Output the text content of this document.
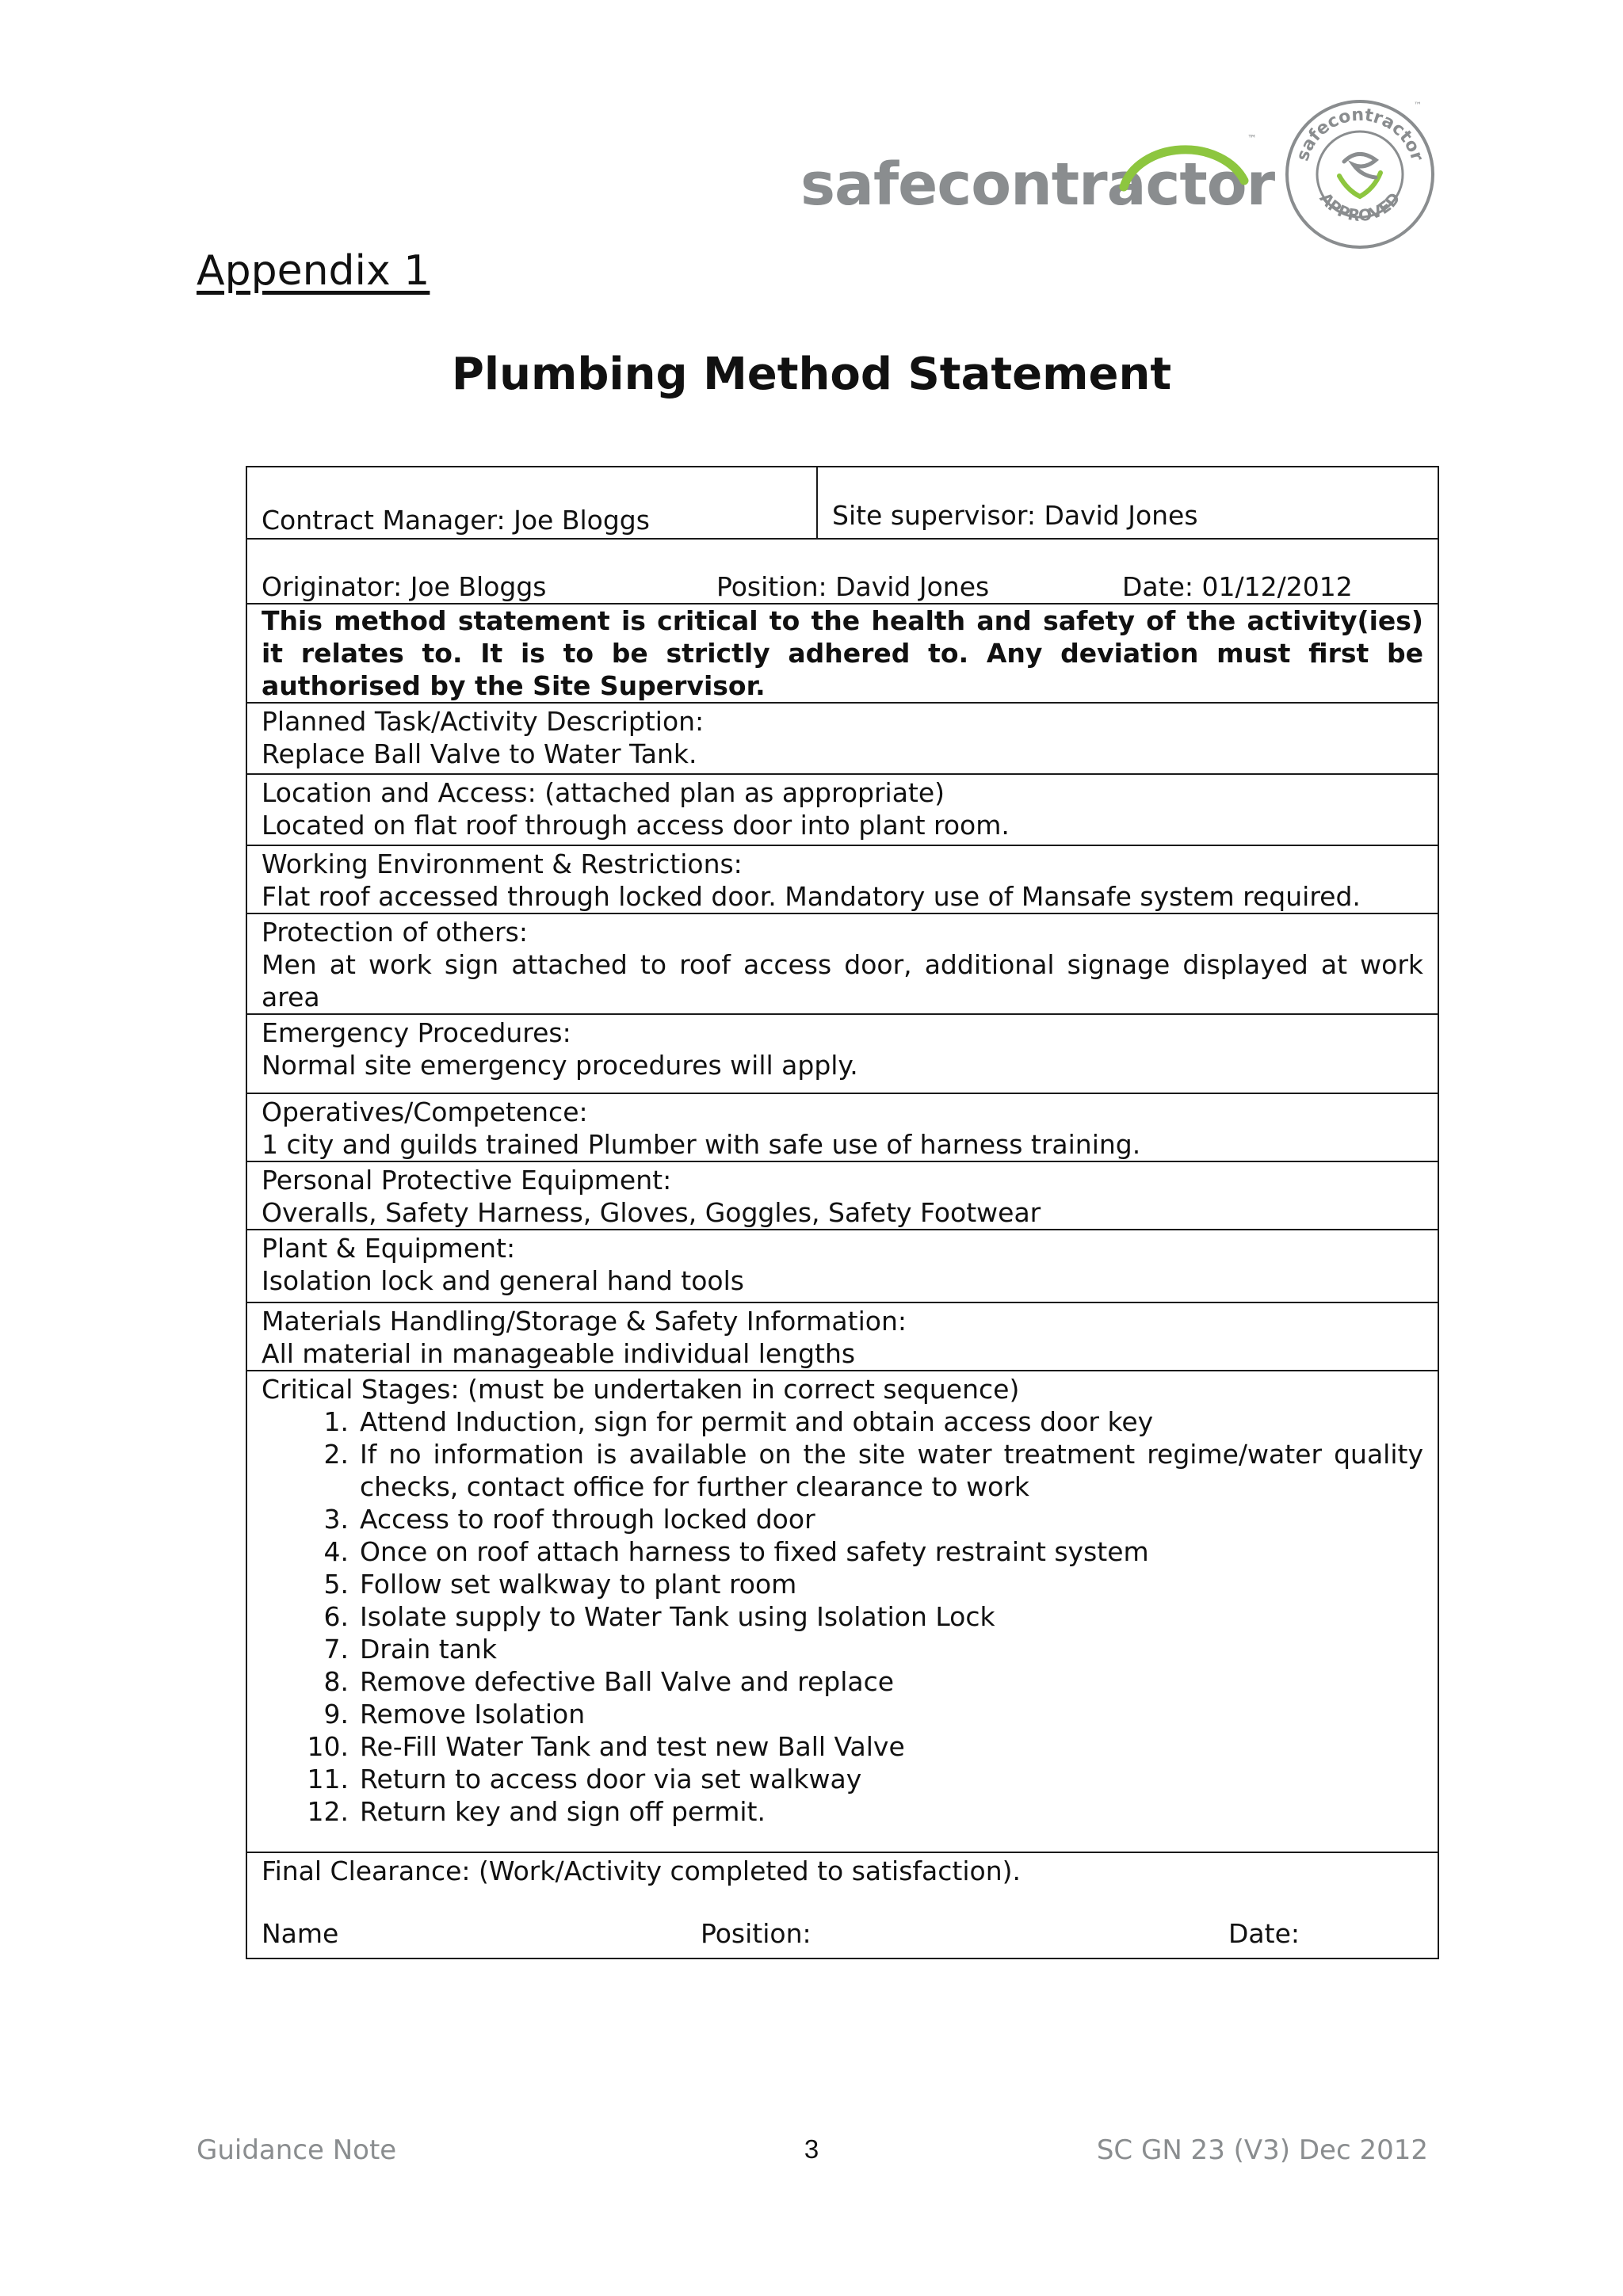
safecontractor
™
safecontractor
APPROVED
™
Appendix 1
Plumbing Method Statement
Contract Manager: Joe Bloggs	Site supervisor: David Jones

Originator: Joe Bloggs	Position: David Jones	Date: 01/12/2012

This method statement is critical to the health and safety of the activity(ies) it relates to. It is to be strictly adhered to. Any deviation must first be authorised by the Site Supervisor.

Planned Task/Activity Description:
Replace Ball Valve to Water Tank.

Location and Access: (attached plan as appropriate)
Located on flat roof through access door into plant room.

Working Environment & Restrictions:
Flat roof accessed through locked door. Mandatory use of Mansafe system required.

Protection of others:
Men at work sign attached to roof access door, additional signage displayed at work area

Emergency Procedures:
Normal site emergency procedures will apply.

Operatives/Competence:
1 city and guilds trained Plumber with safe use of harness training.

Personal Protective Equipment:
Overalls, Safety Harness, Gloves, Goggles, Safety Footwear

Plant & Equipment:
Isolation lock and general hand tools

Materials Handling/Storage & Safety Information:
All material in manageable individual lengths

Critical Stages: (must be undertaken in correct sequence)
1. Attend Induction, sign for permit and obtain access door key
2. If no information is available on the site water treatment regime/water quality checks, contact office for further clearance to work
3. Access to roof through locked door
4. Once on roof attach harness to fixed safety restraint system
5. Follow set walkway to plant room
6. Isolate supply to Water Tank using Isolation Lock
7. Drain tank
8. Remove defective Ball Valve and replace
9. Remove Isolation
10. Re-Fill Water Tank and test new Ball Valve
11. Return to access door via set walkway
12. Return key and sign off permit.

Final Clearance: (Work/Activity completed to satisfaction).
Name	Position:	Date:
Guidance Note	3	SC GN 23 (V3) Dec 2012
